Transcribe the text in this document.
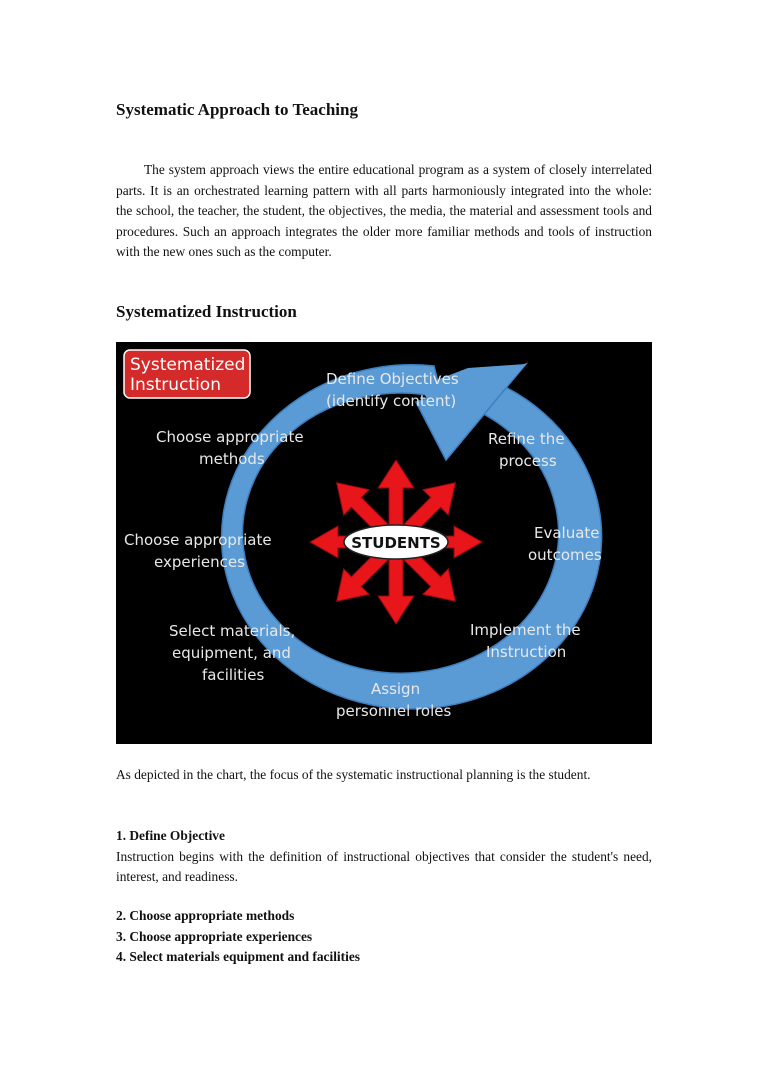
Systematic Approach to Teaching

The system approach views the entire educational program as a system of closely interrelated parts. It is an orchestrated learning pattern with all parts harmoniously integrated into the whole: the school, the teacher, the student, the objectives, the media, the material and assessment tools and procedures. Such an approach integrates the older more familiar methods and tools of instruction with the new ones such as the computer.

Systematized Instruction
STUDENTS
Systematized
Instruction	Define Objectives
(identify content)
Refine the
process
Evaluate
outcomes
Implement the
Instruction
Assign
personnel roles
Select materials,
equipment, and
facilities
Choose appropriate
experiences
Choose appropriate
methods

As depicted in the chart, the focus of the systematic instructional planning is the student.

1. Define Objective

Instruction begins with the definition of instructional objectives that consider the student's need, interest, and readiness.

2. Choose appropriate methods

3. Choose appropriate experiences

4. Select materials equipment and facilities
